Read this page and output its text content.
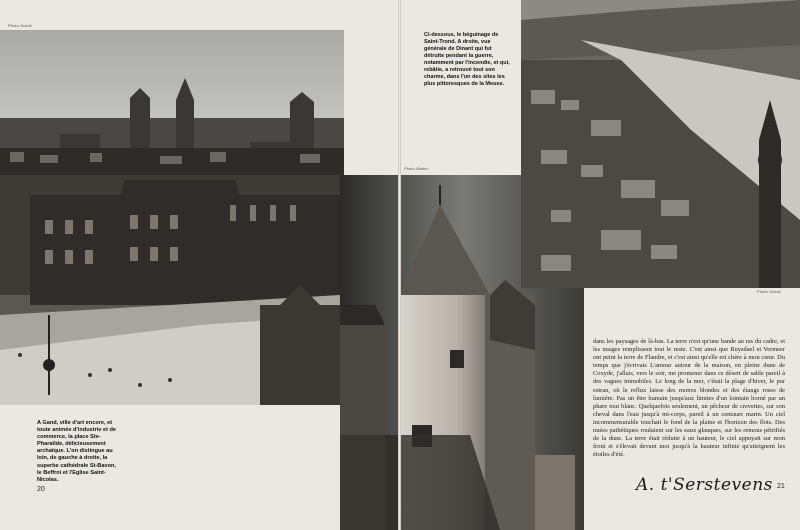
Photo Schall
A Gand, ville d'art encore, et toute animée d'industrie et de commerce, la place Ste-Pharaïlde, délicieusement archaïque. L'on distingue au loin, de gauche à droite, la superbe cathédrale St-Bavon, le Beffroi et l'Eglise Saint-Nicolas.
20
Ci-dessous, le béguinage de Saint-Trond. A droite, vue générale de Dinant qui fut détruite pendant la guerre, notamment par l'incendie, et qui, rebâtie, a retrouvé tout son charme, dans l'un des sites les plus pittoresques de la Meuse.
Photo Walter
Photo Schall
dans les paysages de là-bas. La terre n'est qu'une bande au ras du cadre, et les nuages remplissent tout le reste. C'est ainsi que Ruysdael et Vermeer ont peint la terre de Flandre, et c'est ainsi qu'elle est chère à mon cœur. Du temps que j'écrivais L'amour autour de la maison, en pleine dune de Coxyde, j'allais, vers le soir, me promener dans ce désert de sable pareil à des vagues immobiles. Le long de la mer, c'était la plage d'hiver, le pur estran, où le reflux laisse des moires blondes et des étangs roses de lumière. Pas un être humain jusqu'aux limites d'un lointain borné par un phare tout blanc. Quelquefois seulement, un pêcheur de crevettes, sur son cheval dans l'eau jusqu'à mi-corps, pareil à un centaure marin. Un ciel incommensurable touchait le fond de la plaine et l'horizon des flots. Des nuées pathétiques roulaient sur les eaux glauques, sur les remous pétrifiés de la dune. La terre était réduite à un hauteur, le ciel appuyait sur mon front et s'élevait devant moi jusqu'à la hauteur infinie qu'atteignent les étoiles d'été.
A. t'Serstevens 21
